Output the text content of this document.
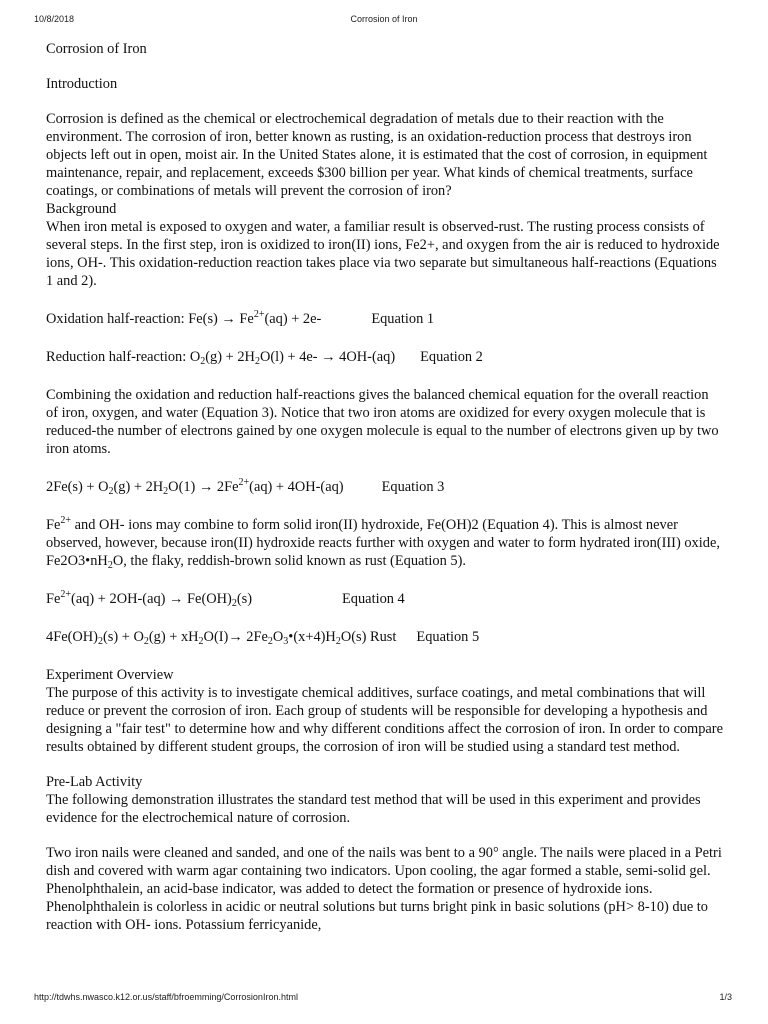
10/8/2018	Corrosion of Iron

Corrosion of Iron

Introduction

Corrosion is defined as the chemical or electrochemical degradation of metals due to their reaction with the environment. The corrosion of iron, better known as rusting, is an oxidation-reduction process that destroys iron objects left out in open, moist air. In the United States alone, it is estimated that the cost of corrosion, in equipment maintenance, repair, and replacement, exceeds $300 billion per year. What kinds of chemical treatments, surface coatings, or combinations of metals will prevent the corrosion of iron?

Background

When iron metal is exposed to oxygen and water, a familiar result is observed-rust. The rusting process consists of several steps. In the first step, iron is oxidized to iron(II) ions, Fe2+, and oxygen from the air is reduced to hydroxide ions, OH-. This oxidation-reduction reaction takes place via two separate but simultaneous half-reactions (Equations 1 and 2).

Oxidation half-reaction: $Fe(s) \to Fe^{2+}(aq) + 2e-$	Equation 1

Reduction half-reaction: $O_2(g) + 2H_2O(l) + 4e- \to 4OH-(aq)$ Equation 2

Combining the oxidation and reduction half-reactions gives the balanced chemical equation for the overall reaction of iron, oxygen, and water (Equation 3). Notice that two iron atoms are oxidized for every oxygen molecule that is reduced-the number of electrons gained by one oxygen molecule is equal to the number of electrons given up by two iron atoms.

$2Fe(s) + O_2(g) + 2H_2O(1) \to 2Fe^{2+}(aq) + 4OH-(aq)$	Equation 3

$Fe^{2+}$ and OH- ions may combine to form solid iron(II) hydroxide, Fe(OH)2 (Equation 4). This is almost never observed, however, because iron(II) hydroxide reacts further with oxygen and water to form hydrated iron(III) oxide, $Fe2O3•nH_2O$, the flaky, reddish-brown solid known as rust (Equation 5).

$Fe^{2+}(aq) + 2OH-(aq) \to Fe(OH)_2(s)$	Equation 4

$4Fe(OH)_2(s) + O_2(g) + xH_2O(I)\to$ $2Fe_2O_3•(x+4)H_2O(s)$ Rust Equation 5

Experiment Overview

The purpose of this activity is to investigate chemical additives, surface coatings, and metal combinations that will reduce or prevent the corrosion of iron. Each group of students will be responsible for developing a hypothesis and designing a "fair test" to determine how and why different conditions affect the corrosion of iron. In order to compare results obtained by different student groups, the corrosion of iron will be studied using a standard test method.

Pre-Lab Activity

The following demonstration illustrates the standard test method that will be used in this experiment and provides evidence for the electrochemical nature of corrosion.

Two iron nails were cleaned and sanded, and one of the nails was bent to a 90° angle. The nails were placed in a Petri dish and covered with warm agar containing two indicators. Upon cooling, the agar formed a stable, semi-solid gel. Phenolphthalein, an acid-base indicator, was added to detect the formation or presence of hydroxide ions. Phenolphthalein is colorless in acidic or neutral solutions but turns bright pink in basic solutions (pH> 8-10) due to reaction with OH- ions. Potassium ferricyanide,

http://tdwhs.nwasco.k12.or.us/staff/bfroemming/CorrosionIron.html	1/3
